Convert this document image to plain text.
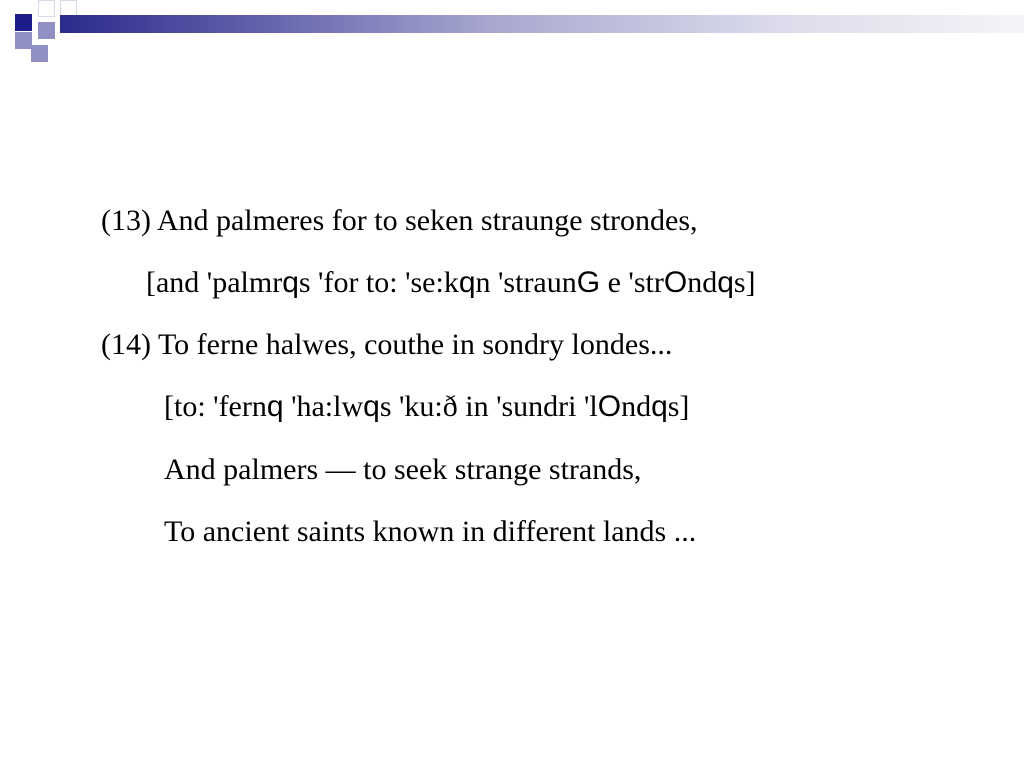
(13) And palmeres for to seken straunge strondes,
[and 'palmrqs 'for to: 'se:kqn 'straunG e 'strOndqs]
(14) To ferne halwes, couthe in sondry londes...
[to: 'fernq 'ha:lwqs 'ku:ð in 'sundri 'lOndqs]
And palmers — to seek strange strands,
To ancient saints known in different lands ...
